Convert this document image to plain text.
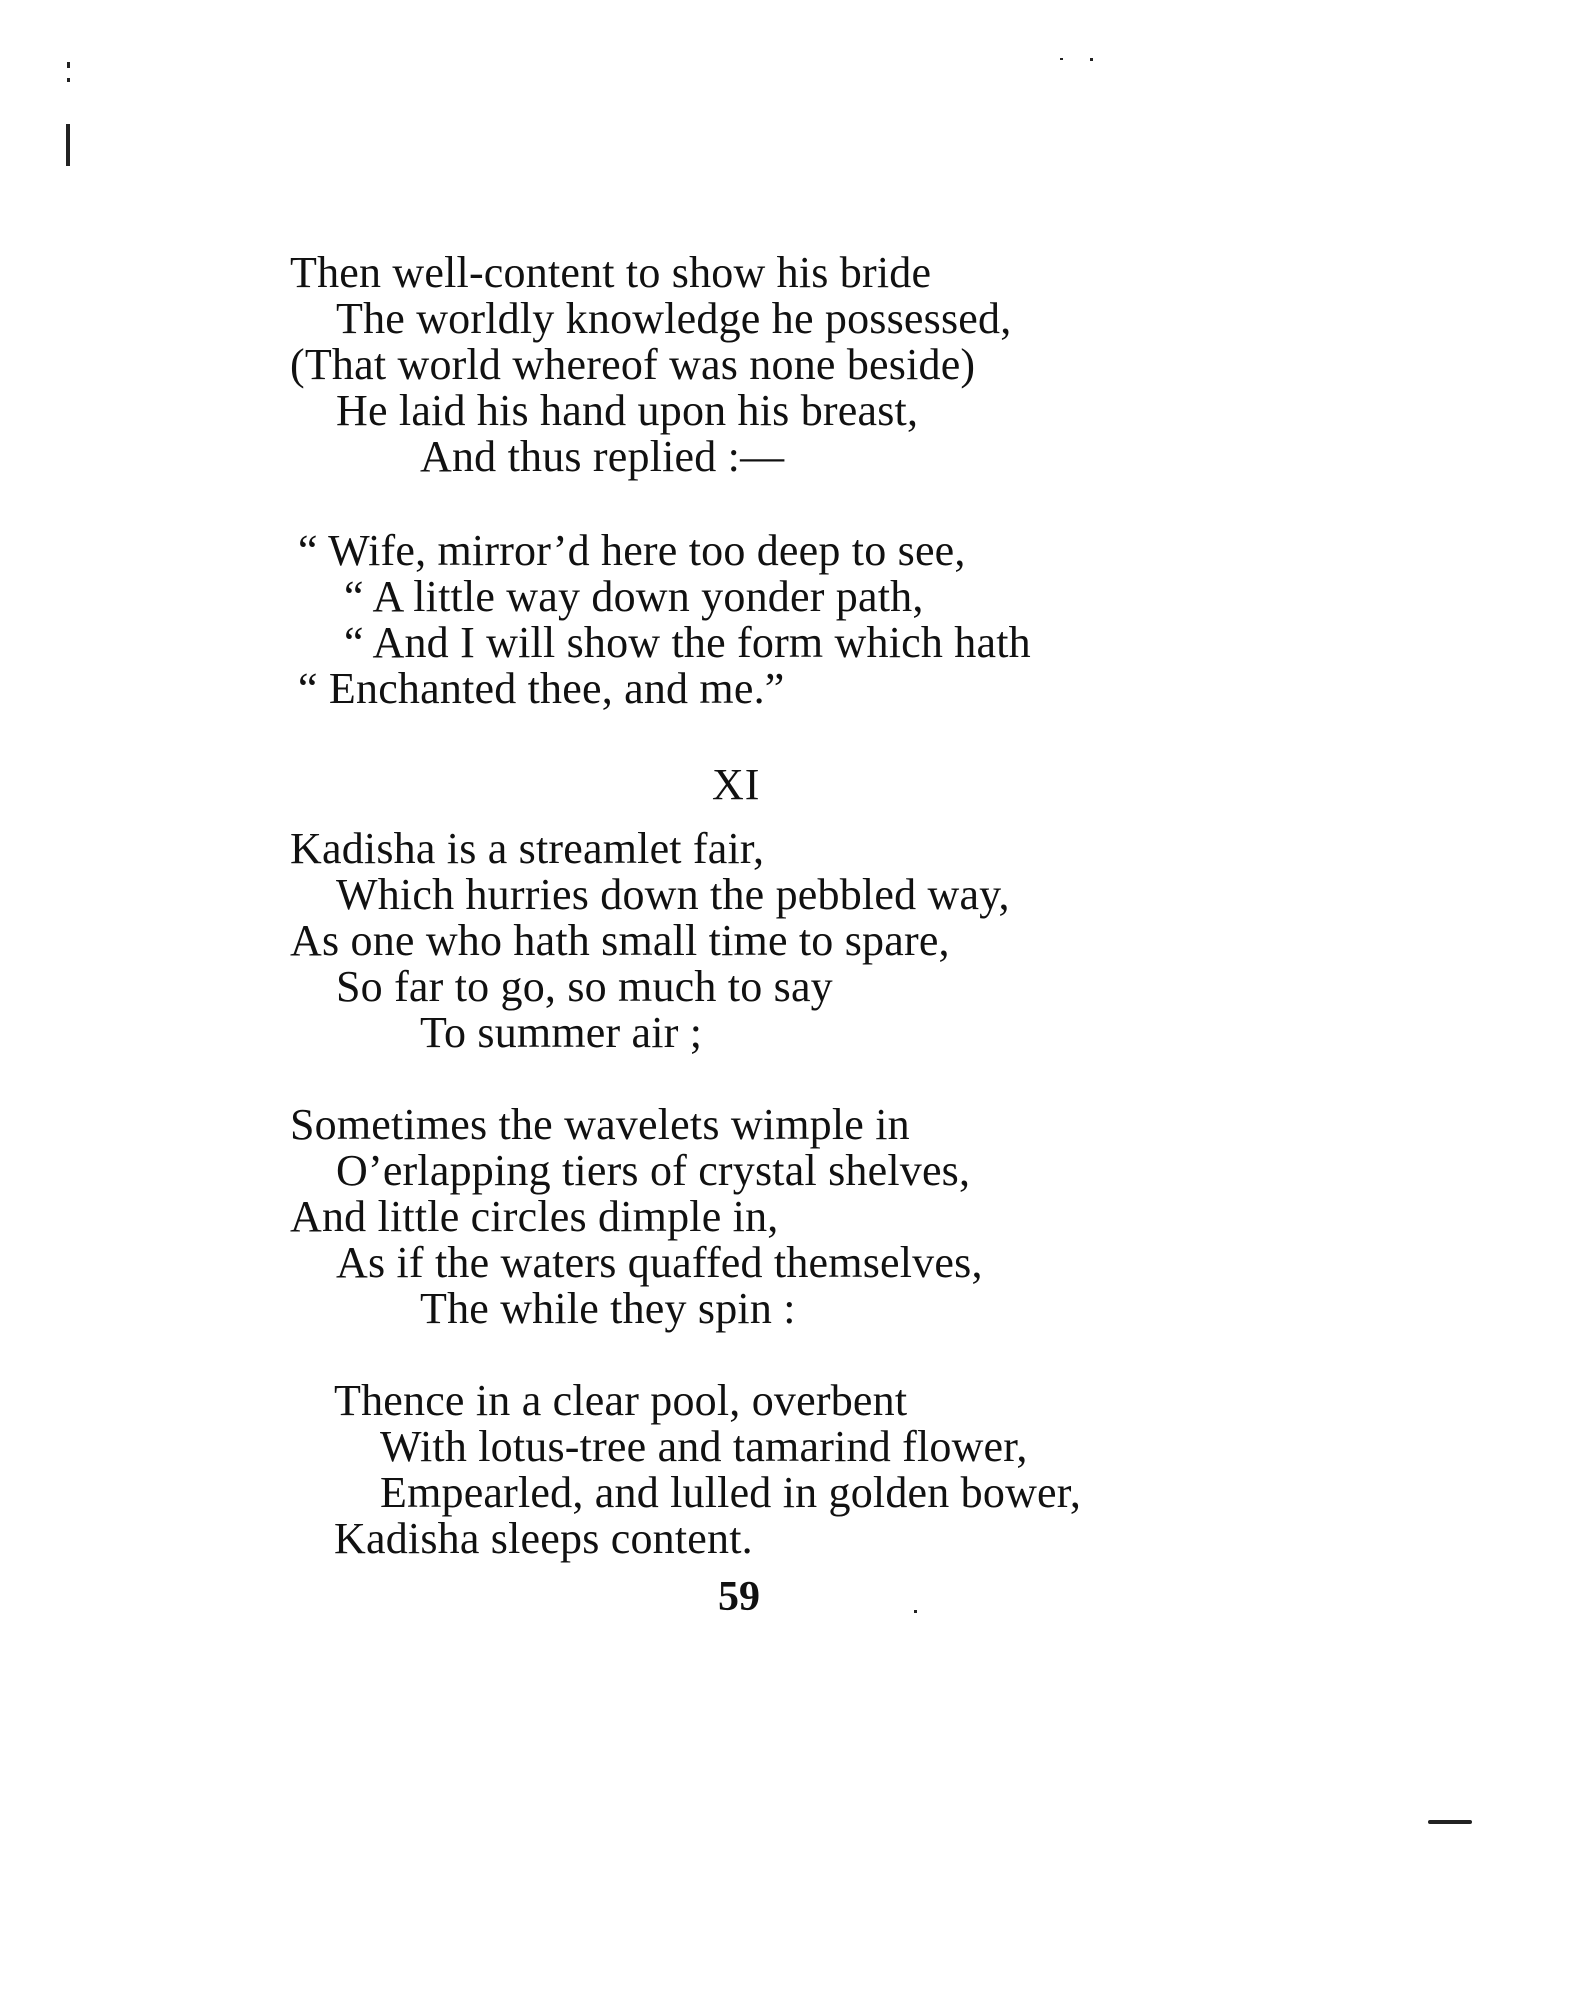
Then well-content to show his bride
The worldly knowledge he possessed,
(That world whereof was none beside)
He laid his hand upon his breast,
And thus replied :—
“ Wife, mirror’d here too deep to see,
“ A little way down yonder path,
“ And I will show the form which hath
“ Enchanted thee, and me.”
XI
Kadisha is a streamlet fair,
Which hurries down the pebbled way,
As one who hath small time to spare,
So far to go, so much to say
To summer air ;
Sometimes the wavelets wimple in
O’erlapping tiers of crystal shelves,
And little circles dimple in,
As if the waters quaffed themselves,
The while they spin :
Thence in a clear pool, overbent
With lotus-tree and tamarind flower,
Empearled, and lulled in golden bower,
Kadisha sleeps content.
59
